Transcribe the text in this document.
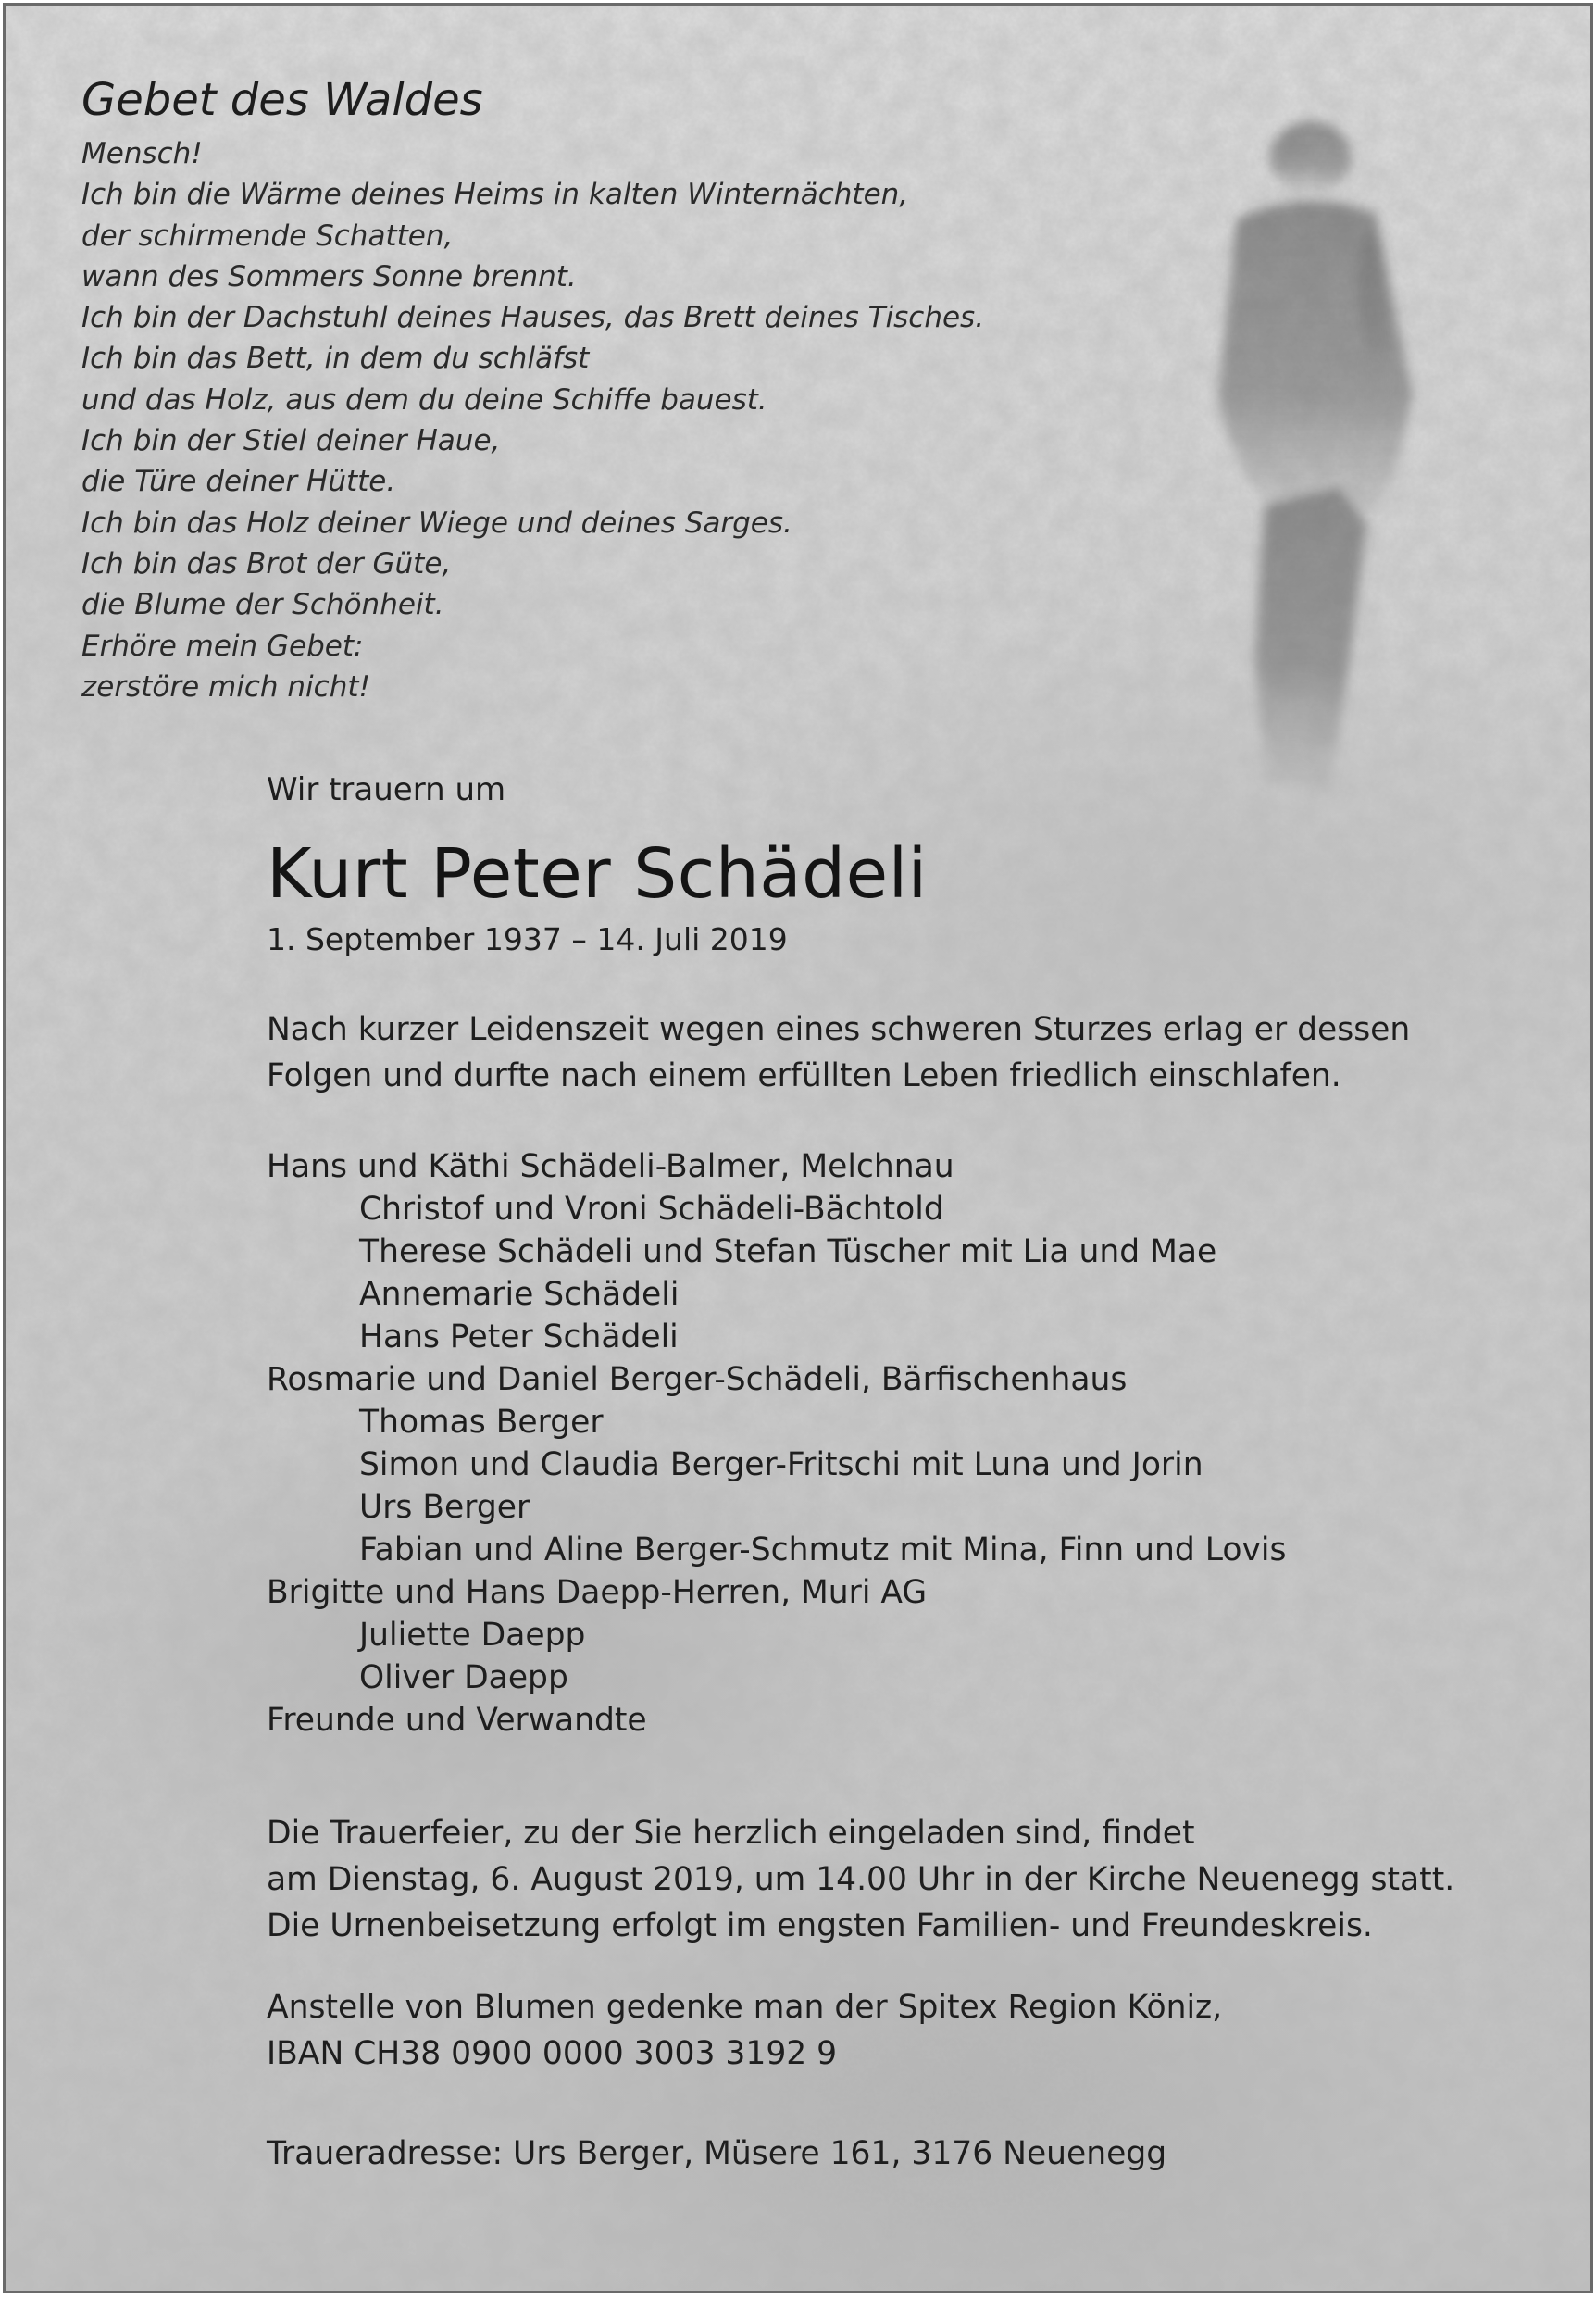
Gebet des Waldes
Mensch!
Ich bin die Wärme deines Heims in kalten Winternächten,
der schirmende Schatten,
wann des Sommers Sonne brennt.
Ich bin der Dachstuhl deines Hauses, das Brett deines Tisches.
Ich bin das Bett, in dem du schläfst
und das Holz, aus dem du deine Schiffe bauest.
Ich bin der Stiel deiner Haue,
die Türe deiner Hütte.
Ich bin das Holz deiner Wiege und deines Sarges.
Ich bin das Brot der Güte,
die Blume der Schönheit.
Erhöre mein Gebet:
zerstöre mich nicht!
Wir trauern um
Kurt Peter Schädeli
1. September 1937 – 14. Juli 2019
Nach kurzer Leidenszeit wegen eines schweren Sturzes erlag er dessen
Folgen und durfte nach einem erfüllten Leben friedlich einschlafen.
Hans und Käthi Schädeli-Balmer, Melchnau
Christof und Vroni Schädeli-Bächtold
Therese Schädeli und Stefan Tüscher mit Lia und Mae
Annemarie Schädeli
Hans Peter Schädeli
Rosmarie und Daniel Berger-Schädeli, Bärfischenhaus
Thomas Berger
Simon und Claudia Berger-Fritschi mit Luna und Jorin
Urs Berger
Fabian und Aline Berger-Schmutz mit Mina, Finn und Lovis
Brigitte und Hans Daepp-Herren, Muri AG
Juliette Daepp
Oliver Daepp
Freunde und Verwandte
Die Trauerfeier, zu der Sie herzlich eingeladen sind, findet
am Dienstag, 6. August 2019, um 14.00 Uhr in der Kirche Neuenegg statt.
Die Urnenbeisetzung erfolgt im engsten Familien- und Freundeskreis.
Anstelle von Blumen gedenke man der Spitex Region Köniz,
IBAN CH38 0900 0000 3003 3192 9
Traueradresse: Urs Berger, Müsere 161, 3176 Neuenegg
